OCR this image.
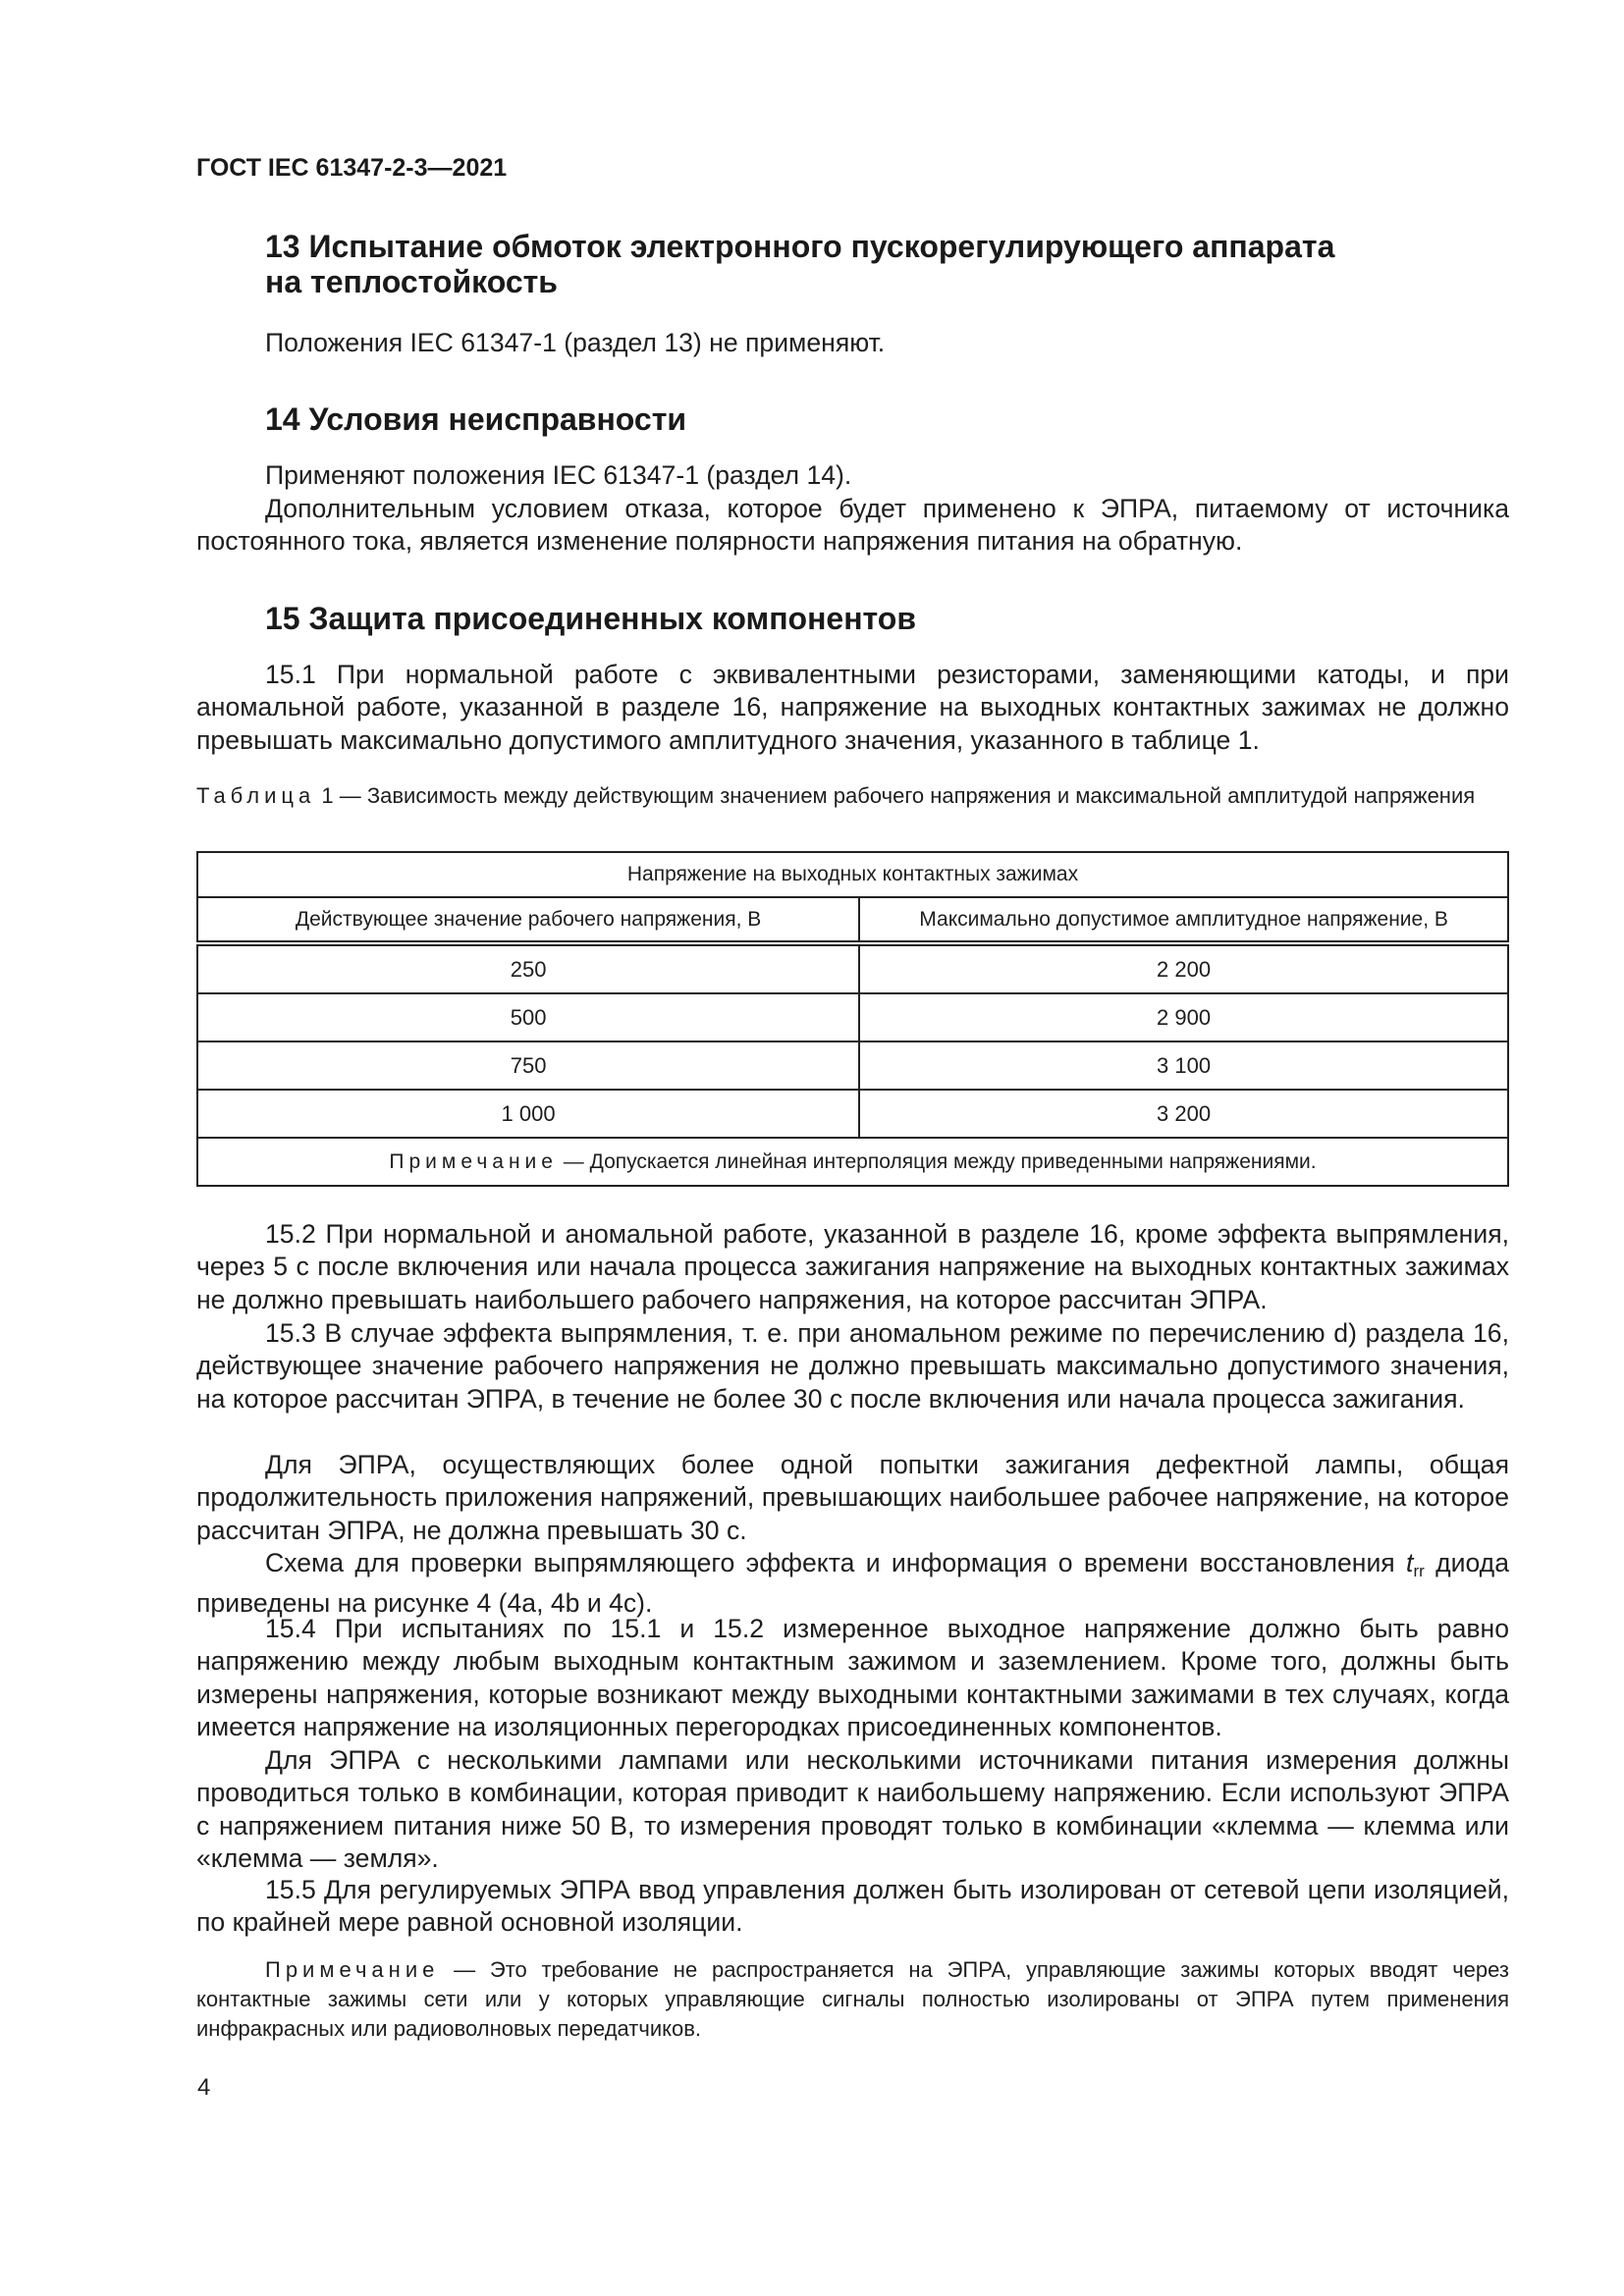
ГОСТ IEC 61347-2-3—2021
13 Испытание обмоток электронного пускорегулирующего аппарата
на теплостойкость

Положения IEC 61347-1 (раздел 13) не применяют.

14 Условия неисправности

Применяют положения IEC 61347-1 (раздел 14).

Дополнительным условием отказа, которое будет применено к ЭПРА, питаемому от источника постоянного тока, является изменение полярности напряжения питания на обратную.

15 Защита присоединенных компонентов

15.1 При нормальной работе с эквивалентными резисторами, заменяющими катоды, и при аномальной работе, указанной в разделе 16, напряжение на выходных контактных зажимах не должно превышать максимально допустимого амплитудного значения, указанного в таблице 1.

Таблица 1 — Зависимость между действующим значением рабочего напряжения и максимальной амплитудой напряжения

Напряжение на выходных контактных зажимах	
Действующее значение рабочего напряжения, В	Максимально допустимое амплитудное напряжение, В
250	2 200
500	2 900
750	3 100
1 000	3 200
Примечание — Допускается линейная интерполяция между приведенными напряжениями.	

15.2 При нормальной и аномальной работе, указанной в разделе 16, кроме эффекта выпрямления, через 5 с после включения или начала процесса зажигания напряжение на выходных контактных зажимах не должно превышать наибольшего рабочего напряжения, на которое рассчитан ЭПРА.

15.3 В случае эффекта выпрямления, т. е. при аномальном режиме по перечислению d) раздела 16, действующее значение рабочего напряжения не должно превышать максимально допустимого значения, на которое рассчитан ЭПРА, в течение не более 30 с после включения или начала процесса зажигания.

Для ЭПРА, осуществляющих более одной попытки зажигания дефектной лампы, общая продолжительность приложения напряжений, превышающих наибольшее рабочее напряжение, на которое рассчитан ЭПРА, не должна превышать 30 с.

Схема для проверки выпрямляющего эффекта и информация о времени восстановления $t_{rr}$ диода приведены на рисунке 4 (4a, 4b и 4c).

15.4 При испытаниях по 15.1 и 15.2 измеренное выходное напряжение должно быть равно напряжению между любым выходным контактным зажимом и заземлением. Кроме того, должны быть измерены напряжения, которые возникают между выходными контактными зажимами в тех случаях, когда имеется напряжение на изоляционных перегородках присоединенных компонентов.

Для ЭПРА с несколькими лампами или несколькими источниками питания измерения должны проводиться только в комбинации, которая приводит к наибольшему напряжению. Если используют ЭПРА с напряжением питания ниже 50 В, то измерения проводят только в комбинации «клемма — клемма или «клемма — земля».

15.5 Для регулируемых ЭПРА ввод управления должен быть изолирован от сетевой цепи изоляцией, по крайней мере равной основной изоляции.

Примечание — Это требование не распространяется на ЭПРА, управляющие зажимы которых вводят через контактные зажимы сети или у которых управляющие сигналы полностью изолированы от ЭПРА путем применения инфракрасных или радиоволновых передатчиков.

4
